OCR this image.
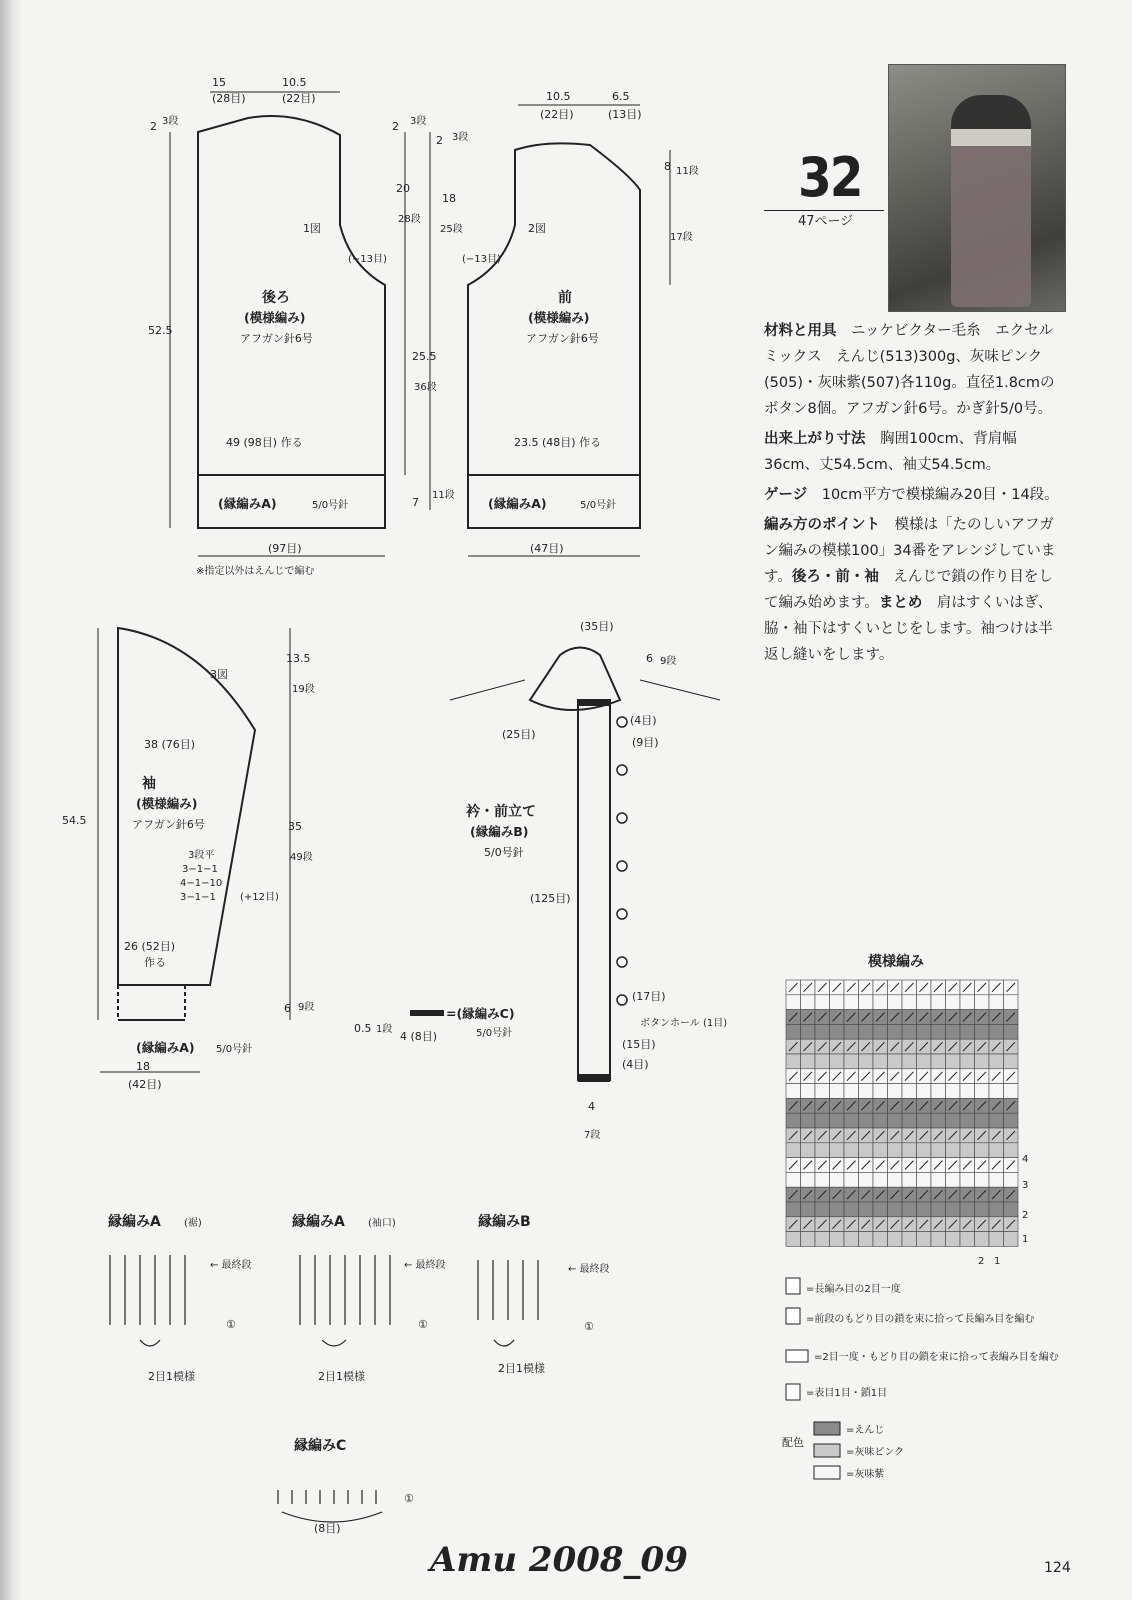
32
47ページ

材料と用具　 ニッケビクター毛糸　エクセルミックス　えんじ(513)300g、灰味ピンク(505)・灰味紫(507)各110g。直径1.8cmのボタン8個。アフガン針6号。かぎ針5/0号。

出来上がり寸法　 胸囲100cm、背肩幅36cm、丈54.5cm、袖丈54.5cm。

ゲージ　 10cm平方で模様編み20目・14段。

編み方のポイント　 模様は「たのしいアフガン編みの模様100」34番をアレンジしています。後ろ・前・袖　 えんじで鎖の作り目をして編み始めます。まとめ　 肩はすくいはぎ、脇・袖下はすくいとじをします。袖つけは半返し縫いをします。

15
(28目)
10.5
(22目)
2 3段
1図
(−13目)
後ろ
(模様編み)
アフガン針6号
52.5
49 (98目) 作る
(縁編みA)	5/0号針
(97目)
※指定以外はえんじで編む
2 3段
20
28段
2 3段
18
25段
25.5
36段
7
11段
10.5
(22目)
6.5
(13目)
8 11段
17段
2図
(−13目)
前
(模様編み)
アフガン針6号
23.5 (48目) 作る
(縁編みA)	5/0号針
(47目)
3図
38 (76目)
袖
(模様編み)
アフガン針6号
3段平
3−1−1
4−1−10
3−1−1 (+12目)
54.5
13.5
19段
35
49段
26 (52目)
作る
6 9段
(縁編みA) 5/0号針
18
(42目)
(35目)
6 9段
(25目)
(4目)
(9目)
衿・前立て
(縁編みB)
5/0号針
(125目)
(17目)
ボタンホール (1目)
(15目)
(4目)
4
7段
=(縁編みC)
5/0号針
0.5 1段
4 (8目)
縁編みA (裾)	縁編みA (袖口)	縁編みB
縁編みC
← 最終段	← 最終段	← 最終段
①	①	①
①
2目1模様	2目1模様
2目1模様
(8目)
模様編み
4
3
2
1
2 1
=長編み目の2目一度
=前段のもどり目の鎖を束に拾って長編み目を編む
=2目一度・もどり目の鎖を束に拾って表編み目を編む
=表目1目・鎖1目
配色
=えんじ
=灰味ピンク
=灰味紫
Amu 2008_09	124
